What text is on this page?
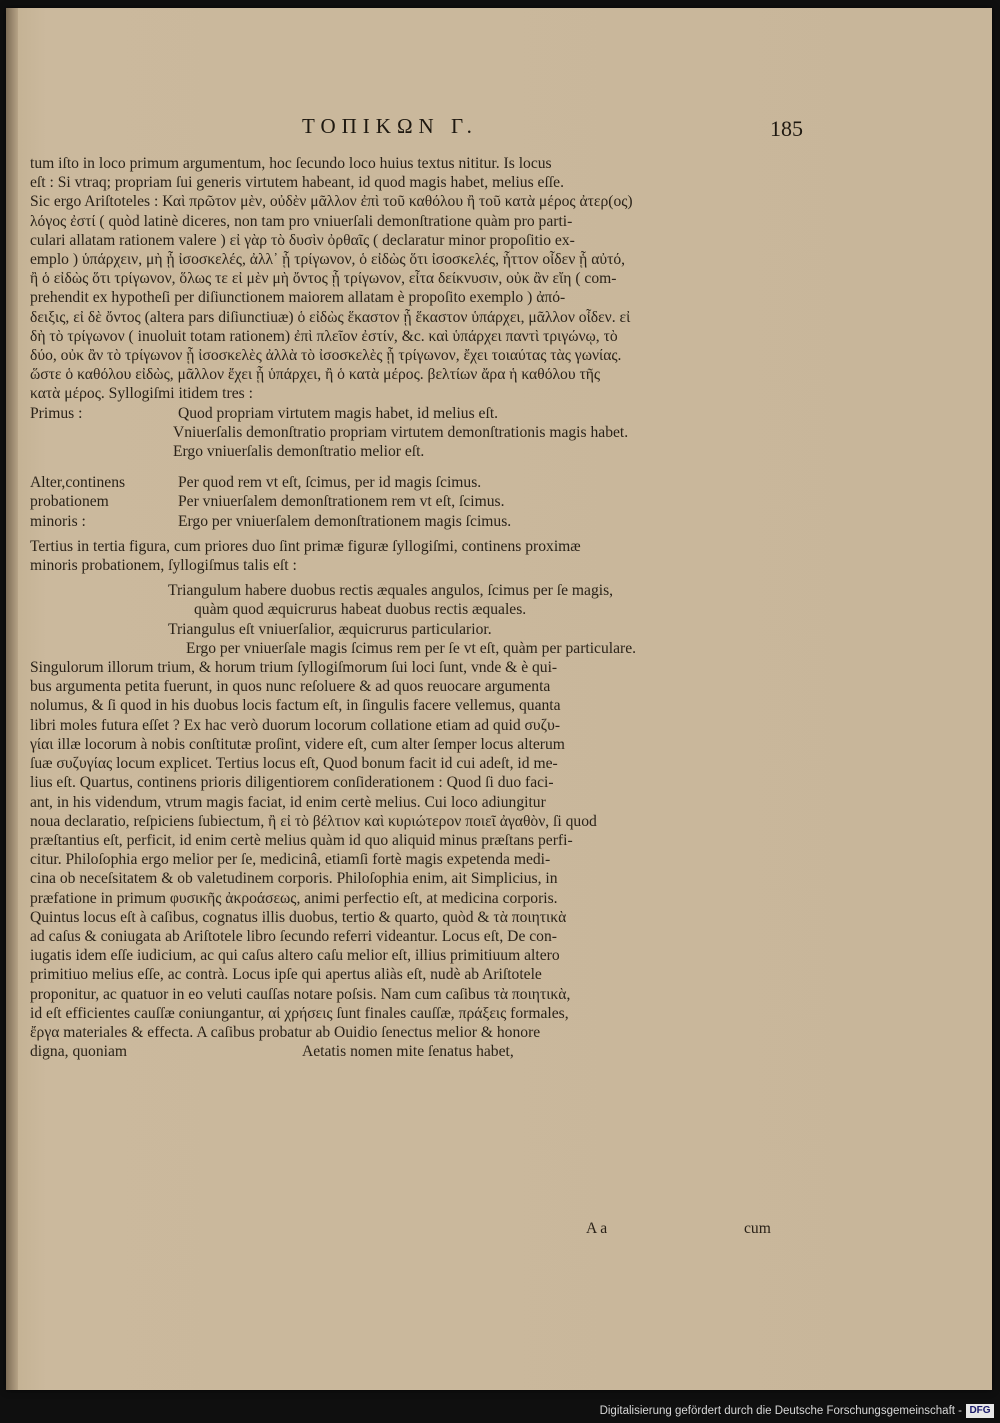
ΤΟΠΙΚΩΝ Γ.	185
tum iſto in loco primum argumentum, hoc ſecundo loco huius textus nititur. Is locus
eſt : Si vtraq; propriam ſui generis virtutem habeant, id quod magis habet, melius eſſe.
Sic ergo Ariſtoteles : Καὶ πρῶτον μὲν, οὐδὲν μᾶλλον ἐπὶ τοῦ καθόλου ἢ τοῦ κατὰ μέρος ἀτερ(ος)
λόγος ἐστί ( quòd latinè diceres, non tam pro vniuerſali demonſtratione quàm pro parti-
culari allatam rationem valere ) εἰ γὰρ τὸ δυσὶν ὀρθαῖς ( declaratur minor propoſitio ex-
emplo ) ὑπάρχειν, μὴ ᾗ ἰσοσκελές, ἀλλ᾽ ᾗ τρίγωνον, ὁ εἰδὼς ὅτι ἰσοσκελές, ἧττον οἶδεν ᾗ αὐτό,
ἢ ὁ εἰδὼς ὅτι τρίγωνον, ὅλως τε εἰ μὲν μὴ ὄντος ᾗ τρίγωνον, εἶτα δείκνυσιν, οὐκ ἂν εἴη ( com-
prehendit ex hypotheſi per diſiunctionem maiorem allatam è propoſito exemplo ) ἀπό-
δειξις, εἰ δὲ ὄντος (altera pars diſiunctiuæ) ὁ εἰδὼς ἕκαστον ᾗ ἕκαστον ὑπάρχει, μᾶλλον οἶδεν. εἰ
δὴ τὸ τρίγωνον ( inuoluit totam rationem) ἐπὶ πλεῖον ἐστίν, &c. καὶ ὑπάρχει παντὶ τριγώνῳ, τὸ
δύο, οὐκ ἂν τὸ τρίγωνον ᾗ ἰσοσκελὲς ἀλλὰ τὸ ἰσοσκελὲς ᾗ τρίγωνον, ἔχει τοιαύτας τὰς γωνίας.
ὥστε ὁ καθόλου εἰδὼς, μᾶλλον ἔχει ᾗ ὑπάρχει, ἢ ὁ κατὰ μέρος. βελτίων ἄρα ἡ καθόλου τῆς
κατὰ μέρος. Syllogiſmi itidem tres :
Primus :	Quod propriam virtutem magis habet, id melius eſt.
Vniuerſalis demonſtratio propriam virtutem demonſtrationis magis habet.
Ergo vniuerſalis demonſtratio melior eſt.
Alter,continens	Per quod rem vt eſt, ſcimus, per id magis ſcimus.
probationem	Per vniuerſalem demonſtrationem rem vt eſt, ſcimus.
minoris :	Ergo per vniuerſalem demonſtrationem magis ſcimus.
Tertius in tertia figura, cum priores duo ſint primæ figuræ ſyllogiſmi, continens proximæ
minoris probationem, ſyllogiſmus talis eſt :
Triangulum habere duobus rectis æquales angulos, ſcimus per ſe magis,
quàm quod æquicrurus habeat duobus rectis æquales.
Triangulus eſt vniuerſalior, æquicrurus particularior.
Ergo per vniuerſale magis ſcimus rem per ſe vt eſt, quàm per particulare.
Singulorum illorum trium, & horum trium ſyllogiſmorum ſui loci ſunt, vnde & è qui-
bus argumenta petita fuerunt, in quos nunc reſoluere & ad quos reuocare argumenta
nolumus, & ſi quod in his duobus locis factum eſt, in ſingulis facere vellemus, quanta
libri moles futura eſſet ? Ex hac verò duorum locorum collatione etiam ad quid συζυ-
γίαι illæ locorum à nobis conſtitutæ proſint, videre eſt, cum alter ſemper locus alterum
ſuæ συζυγίας locum explicet. Tertius locus eſt, Quod bonum facit id cui adeſt, id me-
lius eſt. Quartus, continens prioris diligentiorem conſiderationem : Quod ſi duo faci-
ant, in his videndum, vtrum magis faciat, id enim certè melius. Cui loco adiungitur
noua declaratio, reſpiciens ſubiectum, ἢ εἰ τὸ βέλτιον καὶ κυριώτερον ποιεῖ ἀγαθὸν, ſi quod
præſtantius eſt, perficit, id enim certè melius quàm id quo aliquid minus præſtans perfi-
citur. Philoſophia ergo melior per ſe, medicinâ, etiamſi fortè magis expetenda medi-
cina ob neceſsitatem & ob valetudinem corporis. Philoſophia enim, ait Simplicius, in
præfatione in primum φυσικῆς ἀκροάσεως, animi perfectio eſt, at medicina corporis.
Quintus locus eſt à caſibus, cognatus illis duobus, tertio & quarto, quòd & τὰ ποιητικὰ
ad caſus & coniugata ab Ariſtotele libro ſecundo referri videantur. Locus eſt, De con-
iugatis idem eſſe iudicium, ac qui caſus altero caſu melior eſt, illius primitiuum altero
primitiuo melius eſſe, ac contrà. Locus ipſe qui apertus aliàs eſt, nudè ab Ariſtotele
proponitur, ac quatuor in eo veluti cauſſas notare poſsis. Nam cum caſibus τὰ ποιητικὰ,
id eſt efficientes cauſſæ coniungantur, αἱ χρήσεις ſunt finales cauſſæ, πράξεις formales,
ἔργα materiales & effecta. A caſibus probatur ab Ouidio ſenectus melior & honore
digna, quoniam	Aetatis nomen mite ſenatus habet,
A a	cum
Digitalisierung gefördert durch die Deutsche Forschungsgemeinschaft - DFG
